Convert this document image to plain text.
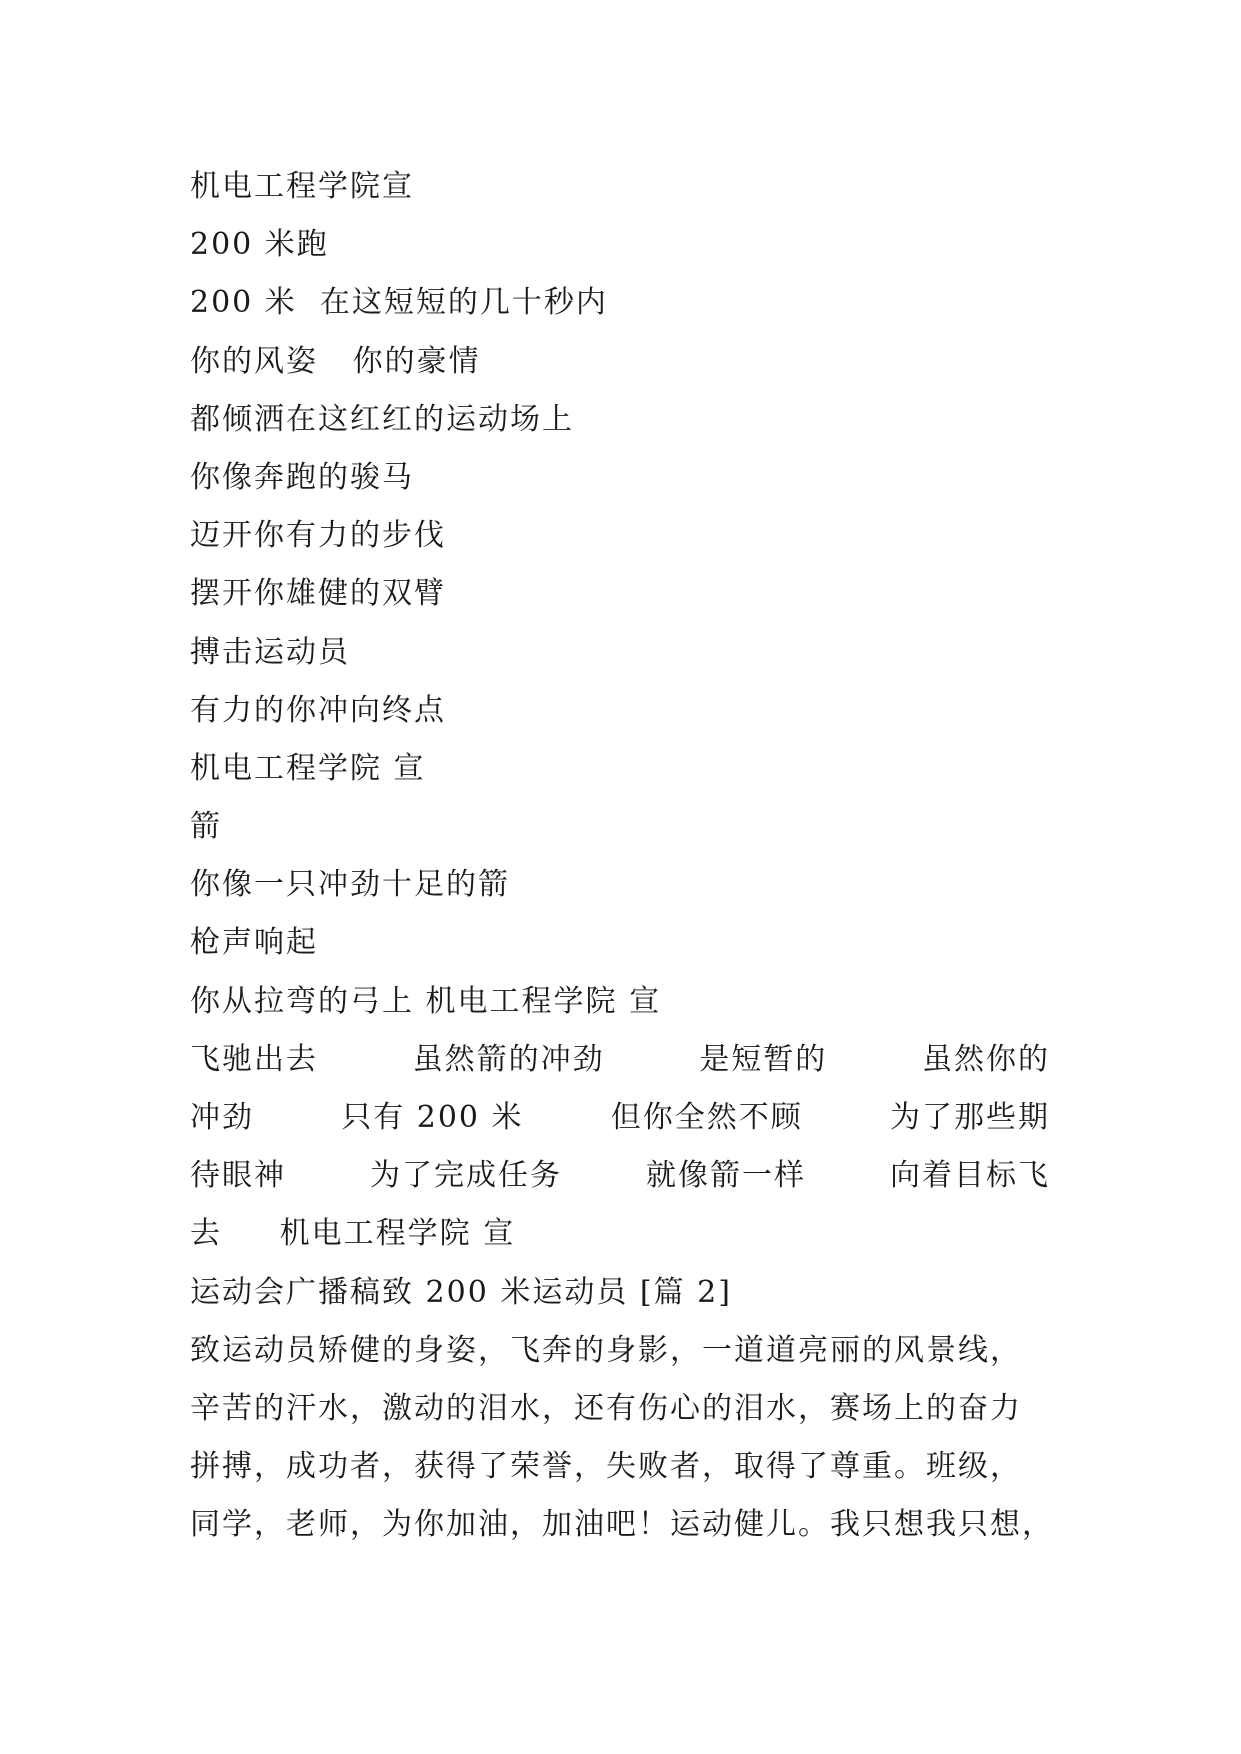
机电工程学院宣
200 米跑
200 米  在这短短的几十秒内
你的风姿   你的豪情
都倾洒在这红红的运动场上
你像奔跑的骏马
迈开你有力的步伐
摆开你雄健的双臂
搏击运动员
有力的你冲向终点
机电工程学院 宣
箭
你像一只冲劲十足的箭
枪声响起
你从拉弯的弓上 机电工程学院 宣
飞驰出去	虽然箭的冲劲	是短暂的	虽然你的
冲劲	只有 200 米	但你全然不顾	为了那些期
待眼神	为了完成任务	就像箭一样	向着目标飞
去     机电工程学院 宣
运动会广播稿致 200 米运动员 [篇 2]
致运动员矫健的身姿，飞奔的身影，一道道亮丽的风景线，
辛苦的汗水，激动的泪水，还有伤心的泪水，赛场上的奋力
拼搏，成功者，获得了荣誉，失败者，取得了尊重。班级，
同学，老师，为你加油，加油吧！运动健儿。我只想我只想，
